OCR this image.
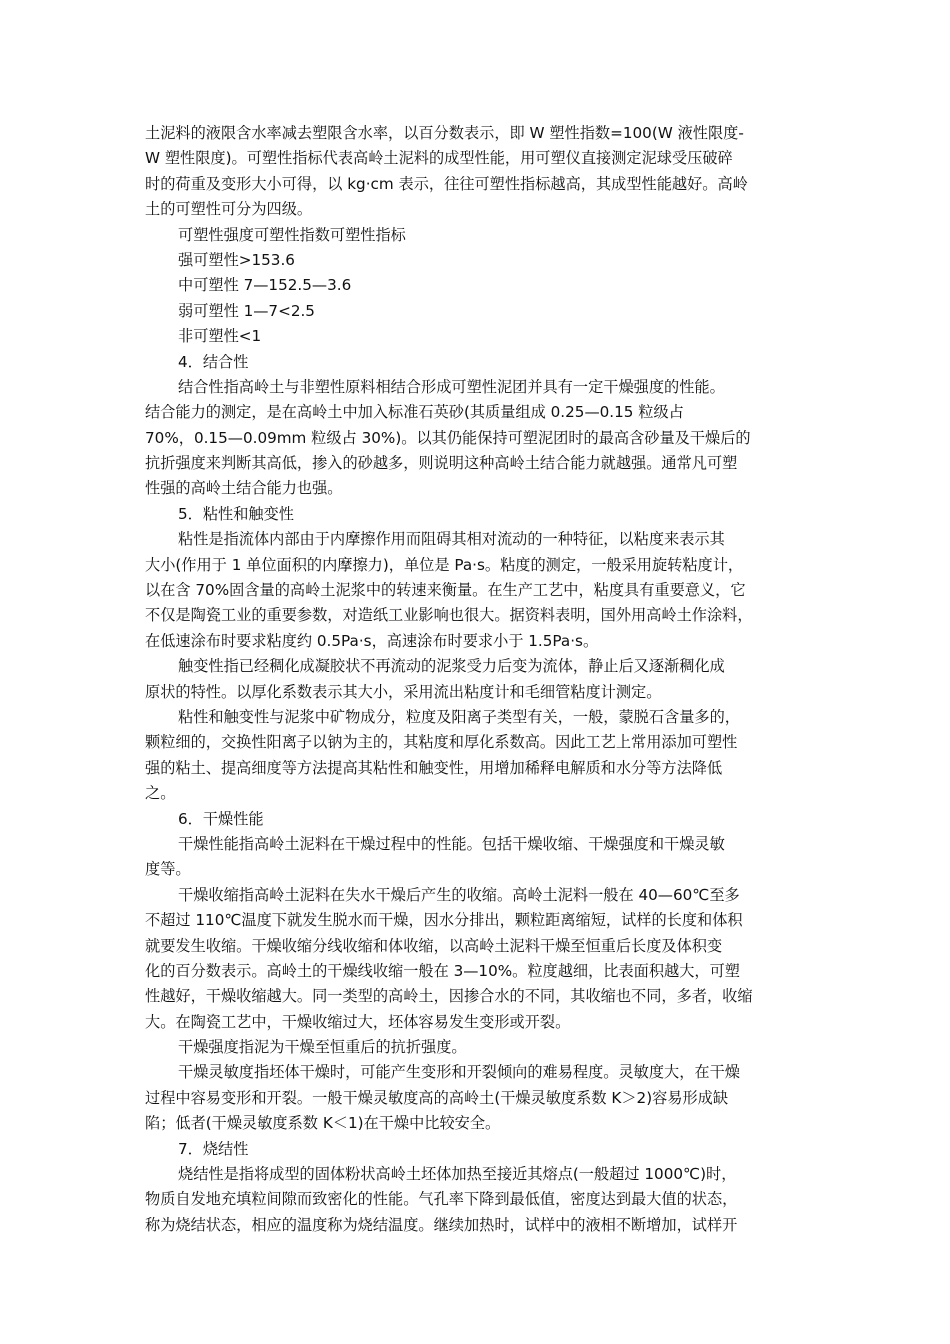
土泥料的液限含水率减去塑限含水率，以百分数表示，即 W 塑性指数=100(W 液性限度-
W 塑性限度)。可塑性指标代表高岭土泥料的成型性能，用可塑仪直接测定泥球受压破碎
时的荷重及变形大小可得，以 kg·cm 表示，往往可塑性指标越高，其成型性能越好。高岭
土的可塑性可分为四级。
可塑性强度可塑性指数可塑性指标
强可塑性>153.6
中可塑性 7—152.5—3.6
弱可塑性 1—7<2.5
非可塑性<1
4．结合性
结合性指高岭土与非塑性原料相结合形成可塑性泥团并具有一定干燥强度的性能。
结合能力的测定，是在高岭土中加入标准石英砂(其质量组成 0.25—0.15 粒级占
70%，0.15—0.09mm 粒级占 30%)。以其仍能保持可塑泥团时的最高含砂量及干燥后的
抗折强度来判断其高低，掺入的砂越多，则说明这种高岭土结合能力就越强。通常凡可塑
性强的高岭土结合能力也强。
5．粘性和触变性
粘性是指流体内部由于内摩擦作用而阻碍其相对流动的一种特征，以粘度来表示其
大小(作用于 1 单位面积的内摩擦力)，单位是 Pa·s。粘度的测定，一般采用旋转粘度计，
以在含 70%固含量的高岭土泥浆中的转速来衡量。在生产工艺中，粘度具有重要意义，它
不仅是陶瓷工业的重要参数，对造纸工业影响也很大。据资料表明，国外用高岭土作涂料，
在低速涂布时要求粘度约 0.5Pa·s，高速涂布时要求小于 1.5Pa·s。
触变性指已经稠化成凝胶状不再流动的泥浆受力后变为流体，静止后又逐渐稠化成
原状的特性。以厚化系数表示其大小，采用流出粘度计和毛细管粘度计测定。
粘性和触变性与泥浆中矿物成分，粒度及阳离子类型有关，一般，蒙脱石含量多的，
颗粒细的，交换性阳离子以钠为主的，其粘度和厚化系数高。因此工艺上常用添加可塑性
强的粘土、提高细度等方法提高其粘性和触变性，用增加稀释电解质和水分等方法降低
之。
6．干燥性能
干燥性能指高岭土泥料在干燥过程中的性能。包括干燥收缩、干燥强度和干燥灵敏
度等。
干燥收缩指高岭土泥料在失水干燥后产生的收缩。高岭土泥料一般在 40—60℃至多
不超过 110℃温度下就发生脱水而干燥，因水分排出，颗粒距离缩短，试样的长度和体积
就要发生收缩。干燥收缩分线收缩和体收缩，以高岭土泥料干燥至恒重后长度及体积变
化的百分数表示。高岭土的干燥线收缩一般在 3—10%。粒度越细，比表面积越大，可塑
性越好，干燥收缩越大。同一类型的高岭土，因掺合水的不同，其收缩也不同，多者，收缩
大。在陶瓷工艺中，干燥收缩过大，坯体容易发生变形或开裂。
干燥强度指泥为干燥至恒重后的抗折强度。
干燥灵敏度指坯体干燥时，可能产生变形和开裂倾向的难易程度。灵敏度大，在干燥
过程中容易变形和开裂。一般干燥灵敏度高的高岭土(干燥灵敏度系数 K＞2)容易形成缺
陷；低者(干燥灵敏度系数 K＜1)在干燥中比较安全。
7．烧结性
烧结性是指将成型的固体粉状高岭土坯体加热至接近其熔点(一般超过 1000℃)时，
物质自发地充填粒间隙而致密化的性能。气孔率下降到最低值，密度达到最大值的状态，
称为烧结状态，相应的温度称为烧结温度。继续加热时，试样中的液相不断增加，试样开
